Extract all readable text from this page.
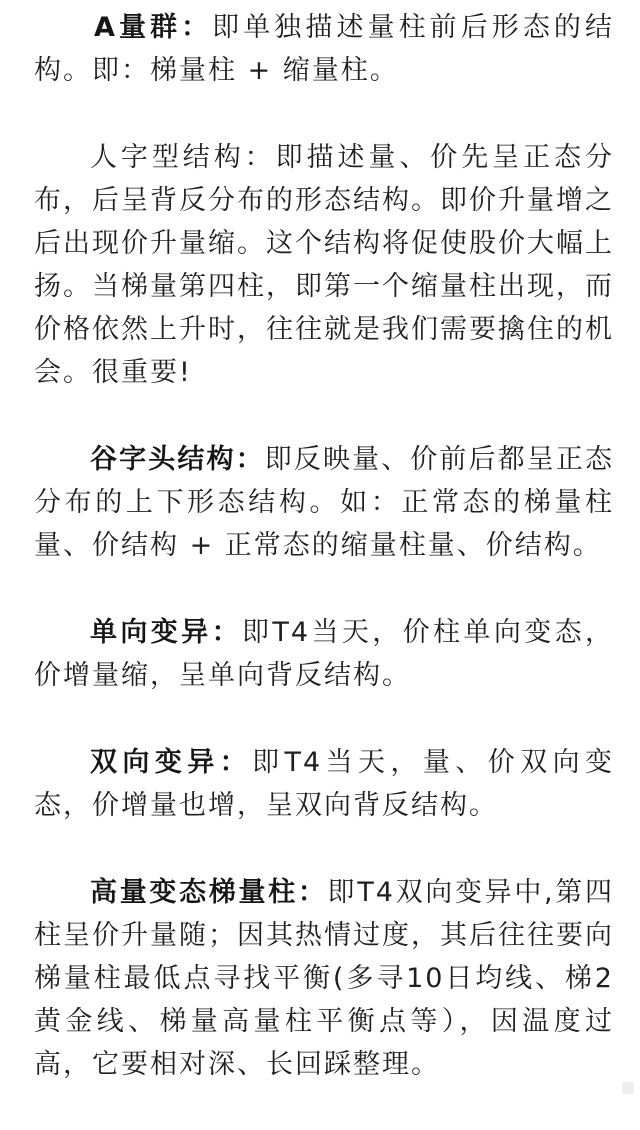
A量群：即单独描述量柱前后形态的结构。即：梯量柱 + 缩量柱。

人字型结构：即描述量、价先呈正态分布，后呈背反分布的形态结构。即价升量增之后出现价升量缩。这个结构将促使股价大幅上扬。当梯量第四柱，即第一个缩量柱出现，而价格依然上升时，往往就是我们需要擒住的机会。很重要!

谷字头结构：即反映量、价前后都呈正态分布的上下形态结构。如：正常态的梯量柱量、价结构 + 正常态的缩量柱量、价结构。

单向变异：即T4当天，价柱单向变态，价增量缩，呈单向背反结构。

双向变异：即T4当天，量、价双向变态，价增量也增，呈双向背反结构。

高量变态梯量柱：即T4双向变异中,第四柱呈价升量随；因其热情过度，其后往往要向梯量柱最低点寻找平衡(多寻10日均线、梯2黄金线、梯量高量柱平衡点等），因温度过高，它要相对深、长回踩整理。
